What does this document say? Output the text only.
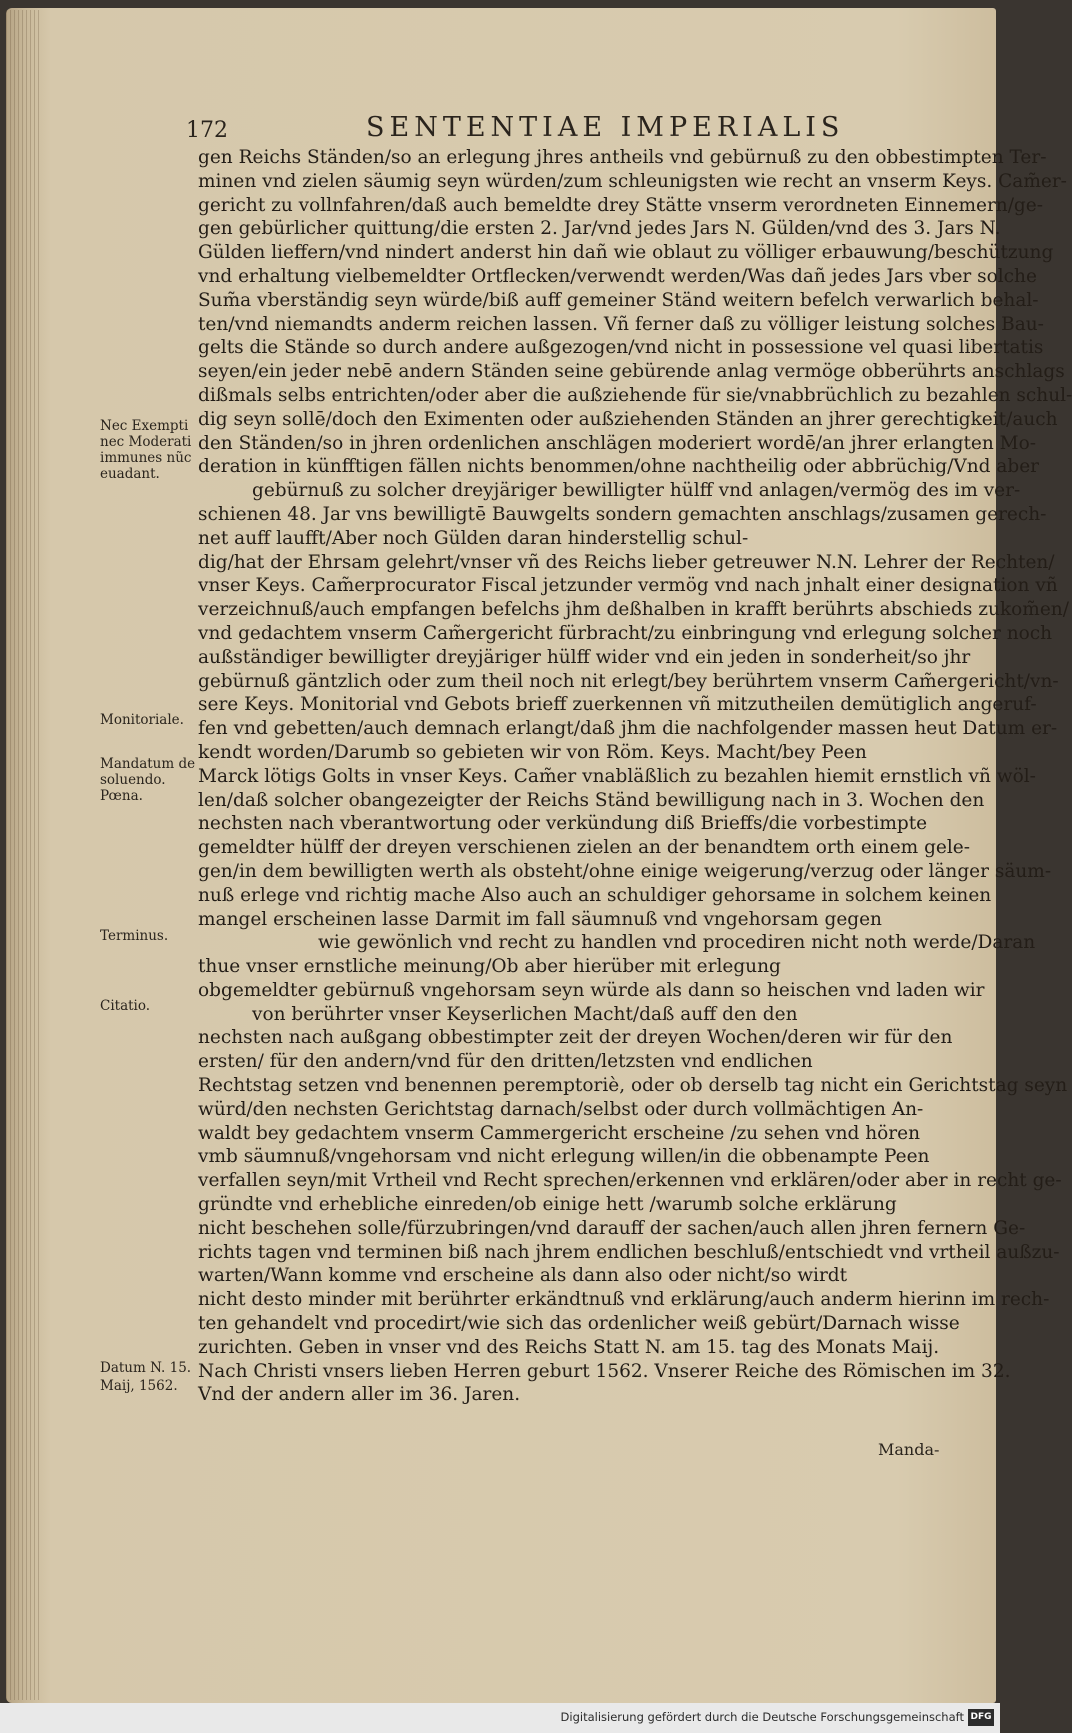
172	SENTENTIAE IMPERIALIS
Nec Exempti
nec Moderati
immunes nũc
euadant.
Monitoriale.
Mandatum de
soluendo.
Pœna.
Terminus.
Citatio.
Datum N. 15.
Maij, 1562.
gen Reichs Ständen/so an erlegung jhres antheils vnd gebürnuß zu den obbestimpten Ter-
minen vnd zielen säumig seyn würden/zum schleunigsten wie recht an vnserm Keys. Cam̃er-
gericht zu vollnfahren/daß auch bemeldte drey Stätte vnserm verordneten Einnemern/ge-
gen gebürlicher quittung/die ersten 2. Jar/vnd jedes Jars N. Gülden/vnd des 3. Jars N.
Gülden lieffern/vnd nindert anderst hin dañ wie oblaut zu völliger erbauwung/beschützung
vnd erhaltung vielbemeldter Ortflecken/verwendt werden/Was dañ jedes Jars vber solche
Sum̃a vberständig seyn würde/biß auff gemeiner Ständ weitern befelch verwarlich behal-
ten/vnd niemandts anderm reichen lassen. Vñ ferner daß zu völliger leistung solches Bau-
gelts die Stände so durch andere außgezogen/vnd nicht in possessione vel quasi libertatis
seyen/ein jeder nebē andern Ständen seine gebürende anlag vermöge obberührts anschlags
dißmals selbs entrichten/oder aber die außziehende für sie/vnabbrüchlich zu bezahlen schul-
dig seyn sollē/doch den Eximenten oder außziehenden Ständen an jhrer gerechtigkeit/auch
den Ständen/so in jhren ordenlichen anschlägen moderiert wordē/an jhrer erlangten Mo-
deration in künfftigen fällen nichts benommen/ohne nachtheilig oder abbrüchig/Vnd aber
gebürnuß zu solcher dreyjäriger bewilligter hülff vnd anlagen/vermög des im ver-
schienen 48. Jar vns bewilligtē Bauwgelts sondern gemachten anschlags/zusamen gerech-
net auff laufft/Aber noch Gülden daran hinderstellig schul-
dig/hat der Ehrsam gelehrt/vnser vñ des Reichs lieber getreuwer N.N. Lehrer der Rechten/
vnser Keys. Cam̃erprocurator Fiscal jetzunder vermög vnd nach jnhalt einer designation vñ
verzeichnuß/auch empfangen befelchs jhm deßhalben in krafft berührts abschieds zukom̃en/
vnd gedachtem vnserm Cam̃ergericht fürbracht/zu einbringung vnd erlegung solcher noch
außständiger bewilligter dreyjäriger hülff wider vnd ein jeden in sonderheit/so jhr
gebürnuß gäntzlich oder zum theil noch nit erlegt/bey berührtem vnserm Cam̃ergericht/vn-
sere Keys. Monitorial vnd Gebots brieff zuerkennen vñ mitzutheilen demütiglich angeruf-
fen vnd gebetten/auch demnach erlangt/daß jhm die nachfolgender massen heut Datum er-
kendt worden/Darumb so gebieten wir von Röm. Keys. Macht/bey Peen
Marck lötigs Golts in vnser Keys. Cam̃er vnabläßlich zu bezahlen hiemit ernstlich vñ wöl-
len/daß solcher obangezeigter der Reichs Ständ bewilligung nach in 3. Wochen den
nechsten nach vberantwortung oder verkündung diß Brieffs/die vorbestimpte
gemeldter hülff der dreyen verschienen zielen an der benandtem orth einem gele-
gen/in dem bewilligten werth als obsteht/ohne einige weigerung/verzug oder länger säum-
nuß erlege vnd richtig mache Also auch an schuldiger gehorsame in solchem keinen
mangel erscheinen lasse Darmit im fall säumnuß vnd vngehorsam gegen
wie gewönlich vnd recht zu handlen vnd procediren nicht noth werde/Daran
thue vnser ernstliche meinung/Ob aber hierüber mit erlegung
obgemeldter gebürnuß vngehorsam seyn würde als dann so heischen vnd laden wir
von berührter vnser Keyserlichen Macht/daß auff den den
nechsten nach außgang obbestimpter zeit der dreyen Wochen/deren wir für den
ersten/ für den andern/vnd für den dritten/letzsten vnd endlichen
Rechtstag setzen vnd benennen peremptoriè, oder ob derselb tag nicht ein Gerichtstag seyn
würd/den nechsten Gerichtstag darnach/selbst oder durch vollmächtigen An-
waldt bey gedachtem vnserm Cammergericht erscheine /zu sehen vnd hören
vmb säumnuß/vngehorsam vnd nicht erlegung willen/in die obbenampte Peen
verfallen seyn/mit Vrtheil vnd Recht sprechen/erkennen vnd erklären/oder aber in recht ge-
gründte vnd erhebliche einreden/ob einige hett /warumb solche erklärung
nicht beschehen solle/fürzubringen/vnd darauff der sachen/auch allen jhren fernern Ge-
richts tagen vnd terminen biß nach jhrem endlichen beschluß/entschiedt vnd vrtheil außzu-
warten/Wann komme vnd erscheine als dann also oder nicht/so wirdt
nicht desto minder mit berührter erkändtnuß vnd erklärung/auch anderm hierinn im rech-
ten gehandelt vnd procedirt/wie sich das ordenlicher weiß gebürt/Darnach wisse
zurichten. Geben in vnser vnd des Reichs Statt N. am 15. tag des Monats Maij.
Nach Christi vnsers lieben Herren geburt 1562. Vnserer Reiche des Römischen im 32.
Vnd der andern aller im 36. Jaren.
Manda-
Digitalisierung gefördert durch die Deutsche Forschungsgemeinschaft DFG
